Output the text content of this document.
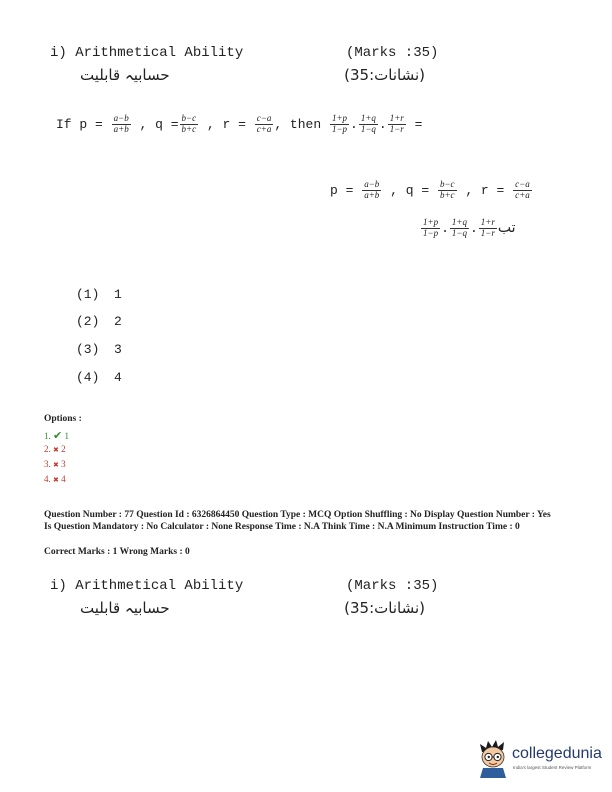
i) Arithmetical Ability	(Marks :35)
حسابیہ قابلیت	(نشانات:35)
If $p = \frac{a-b}{a+b}$ , $q = \frac{b-c}{b+c}$ , $r = \frac{c-a}{c+a}$ , then $\frac{1+p}{1-p}$ . $\frac{1+q}{1-q}$ . $\frac{1+r}{1-r}$ =
$p = \frac{a-b}{a+b}$ , $q = \frac{b-c}{b+c}$ , $r = \frac{c-a}{c+a}$
$\frac{1+p}{1-p}$ . $\frac{1+q}{1-q}$ . $\frac{1+r}{1-r}$ تب
(1) 1
(2) 2
(3) 3
(4) 4
Options :
1. ✔ 1
2. ✖ 2
3. ✖ 3
4. ✖ 4
Question Number : 77 Question Id : 6326864450 Question Type : MCQ Option Shuffling : No Display Question Number : Yes Is Question Mandatory : No Calculator : None Response Time : N.A Think Time : N.A Minimum Instruction Time : 0
Correct Marks : 1 Wrong Marks : 0
i) Arithmetical Ability	(Marks :35)
حسابیہ قابلیت	(نشانات:35)
collegedunia
India's largest Student Review Platform
